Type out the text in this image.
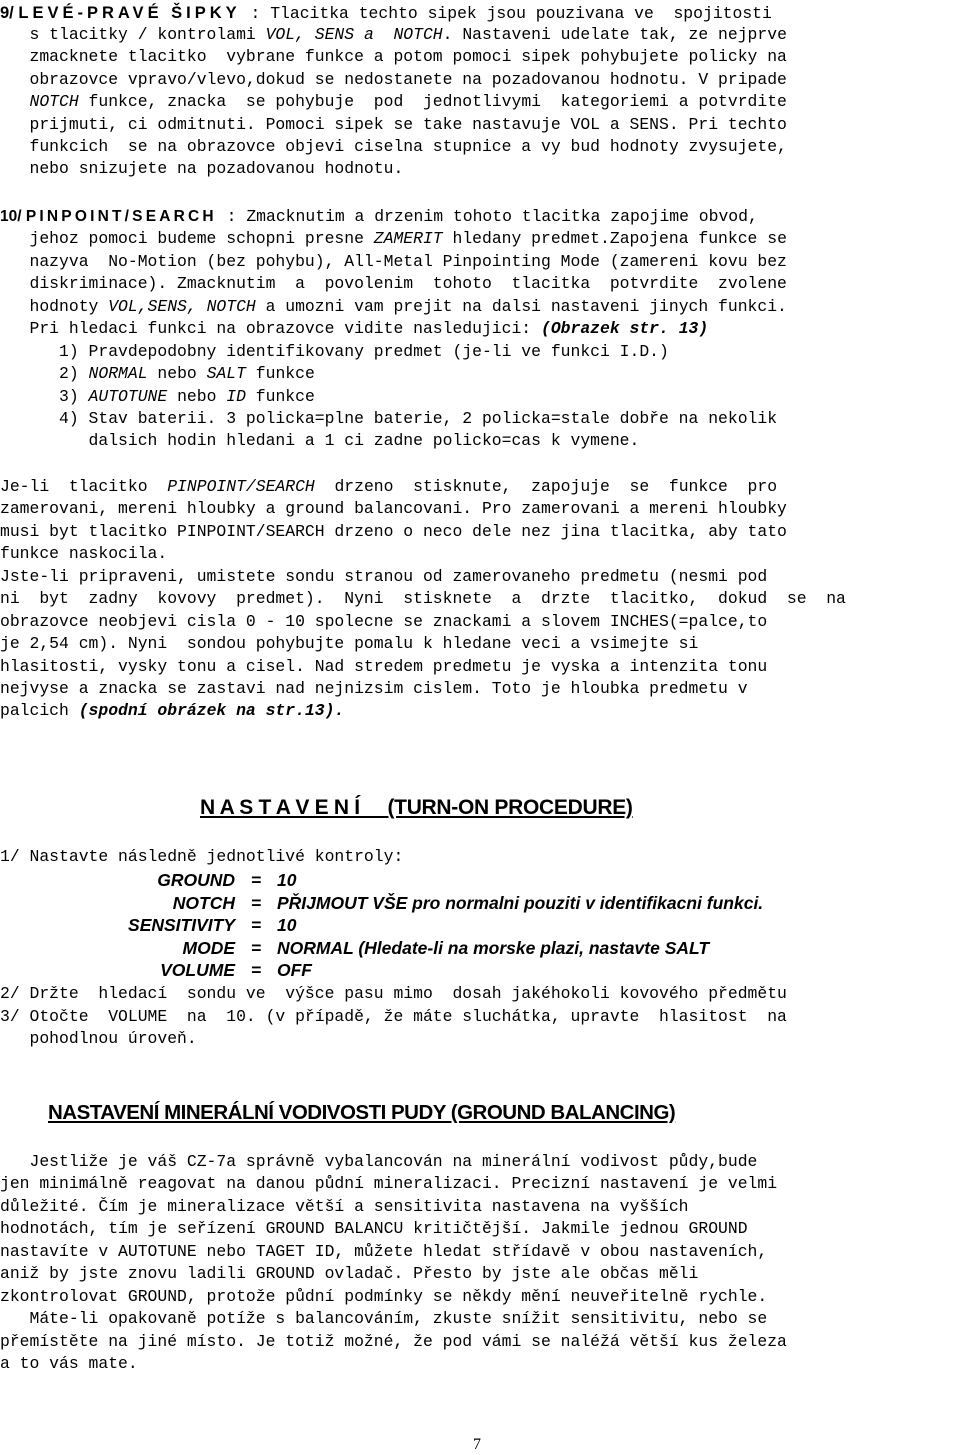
9/ LEVÉ-PRAVÉ ŠIPKY : Tlacitka techto sipek jsou pouzivana ve  spojitosti
s tlacitky / kontrolami VOL, SENS a  NOTCH. Nastaveni udelate tak, ze nejprve
zmacknete tlacitko  vybrane funkce a potom pomoci sipek pohybujete policky na
obrazovce vpravo/vlevo,dokud se nedostanete na pozadovanou hodnotu. V pripade
NOTCH funkce, znacka  se pohybuje  pod  jednotlivymi  kategoriemi a potvrdite
prijmuti, ci odmitnuti. Pomoci sipek se take nastavuje VOL a SENS. Pri techto
funkcich  se na obrazovce objevi ciselna stupnice a vy bud hodnoty zvysujete,
nebo snizujete na pozadovanou hodnotu.
10/ PINPOINT/SEARCH : Zmacknutim a drzenim tohoto tlacitka zapojime obvod,
jehoz pomoci budeme schopni presne ZAMERIT hledany predmet.Zapojena funkce se
nazyva  No-Motion (bez pohybu), All-Metal Pinpointing Mode (zamereni kovu bez
diskriminace). Zmacknutim  a  povolenim  tohoto  tlacitka  potvrdite  zvolene
hodnoty VOL,SENS, NOTCH a umozni vam prejit na dalsi nastaveni jinych funkci.
Pri hledaci funkci na obrazovce vidite nasledujici: (Obrazek str. 13)
1) Pravdepodobny identifikovany predmet (je-li ve funkci I.D.)
2) NORMAL nebo SALT funkce
3) AUTOTUNE nebo ID funkce
4) Stav baterii. 3 policka=plne baterie, 2 policka=stale dobře na nekolik
dalsich hodin hledani a 1 ci zadne policko=cas k vymene.
Je-li  tlacitko  PINPOINT/SEARCH  drzeno  stisknute,  zapojuje  se  funkce  pro
zamerovani, mereni hloubky a ground balancovani. Pro zamerovani a mereni hloubky
musi byt tlacitko PINPOINT/SEARCH drzeno o neco dele nez jina tlacitka, aby tato
funkce naskocila.
Jste-li pripraveni, umistete sondu stranou od zamerovaneho predmetu (nesmi pod
ni  byt  zadny  kovovy  predmet).  Nyni  stisknete  a  drzte  tlacitko,  dokud  se  na
obrazovce neobjevi cisla 0 - 10 spolecne se znackami a slovem INCHES(=palce,to
je 2,54 cm). Nyni  sondou pohybujte pomalu k hledane veci a vsimejte si
hlasitosti, vysky tonu a cisel. Nad stredem predmetu je vyska a intenzita tonu
nejvyse a znacka se zastavi nad nejnizsim cislem. Toto je hloubka predmetu v
palcich (spodní obrázek na str.13).
N A S T A V E N Í     (TURN-ON PROCEDURE)
1/ Nastavte následně jednotlivé kontroly:
GROUND = 10
NOTCH = PŘIJMOUT VŠE pro normalni pouziti v identifikacni funkci.
SENSITIVITY = 10
MODE = NORMAL (Hledate-li na morske plazi, nastavte SALT
VOLUME = OFF
2/ Držte  hledací  sondu ve  výšce pasu mimo  dosah jakéhokoli kovového předmětu
3/ Otočte  VOLUME  na  10. (v případě, že máte sluchátka, upravte  hlasitost  na
pohodlnou úroveň.
NASTAVENÍ MINERÁLNÍ VODIVOSTI PUDY (GROUND BALANCING)
Jestliže je váš CZ-7a správně vybalancován na minerální vodivost půdy,bude
jen minimálně reagovat na danou půdní mineralizaci. Precizní nastavení je velmi
důležité. Čím je mineralizace větší a sensitivita nastavena na vyšších
hodnotách, tím je seřízení GROUND BALANCU kritičtější. Jakmile jednou GROUND
nastavíte v AUTOTUNE nebo TAGET ID, můžete hledat střídavě v obou nastaveních,
aniž by jste znovu ladili GROUND ovladač. Přesto by jste ale občas měli
zkontrolovat GROUND, protože půdní podmínky se někdy mění neuveřitelně rychle.
Máte-li opakovaně potíže s balancováním, zkuste snížit sensitivitu, nebo se
přemístěte na jiné místo. Je totiž možné, že pod vámi se naléžá větší kus železa
a to vás mate.
7
